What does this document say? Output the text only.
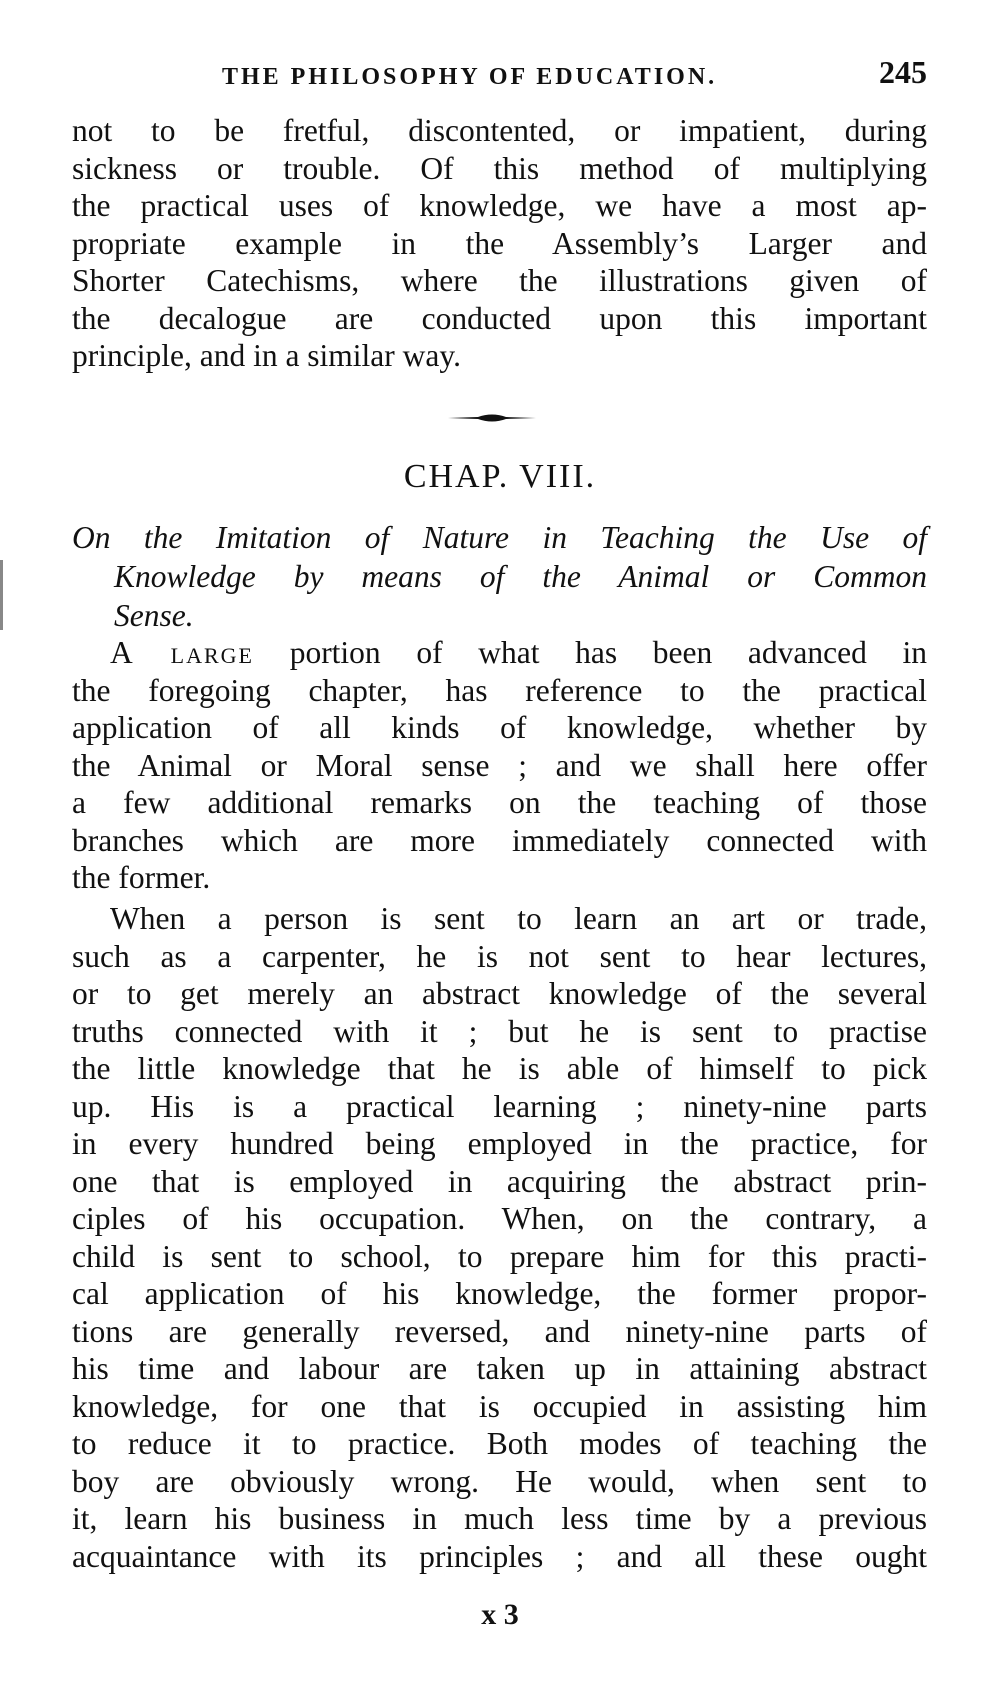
THE PHILOSOPHY OF EDUCATION.	245
not to be fretful, discontented, or impatient, during
sickness or trouble. Of this method of multiplying
the practical uses of knowledge, we have a most ap-
propriate example in the Assembly’s Larger and
Shorter Catechisms, where the illustrations given of
the decalogue are conducted upon this important
principle, and in a similar way.
CHAP. VIII.
On the Imitation of Nature in Teaching the Use of
Knowledge by means of the Animal or Common
Sense.
A large portion of what has been advanced in
the foregoing chapter, has reference to the practical
application of all kinds of knowledge, whether by
the Animal or Moral sense ; and we shall here offer
a few additional remarks on the teaching of those
branches which are more immediately connected with
the former.
When a person is sent to learn an art or trade,
such as a carpenter, he is not sent to hear lectures,
or to get merely an abstract knowledge of the several
truths connected with it ; but he is sent to practise
the little knowledge that he is able of himself to pick
up. His is a practical learning ; ninety-nine parts
in every hundred being employed in the practice, for
one that is employed in acquiring the abstract prin-
ciples of his occupation. When, on the contrary, a
child is sent to school, to prepare him for this practi-
cal application of his knowledge, the former propor-
tions are generally reversed, and ninety-nine parts of
his time and labour are taken up in attaining abstract
knowledge, for one that is occupied in assisting him
to reduce it to practice. Both modes of teaching the
boy are obviously wrong. He would, when sent to
it, learn his business in much less time by a previous
acquaintance with its principles ; and all these ought
x 3
